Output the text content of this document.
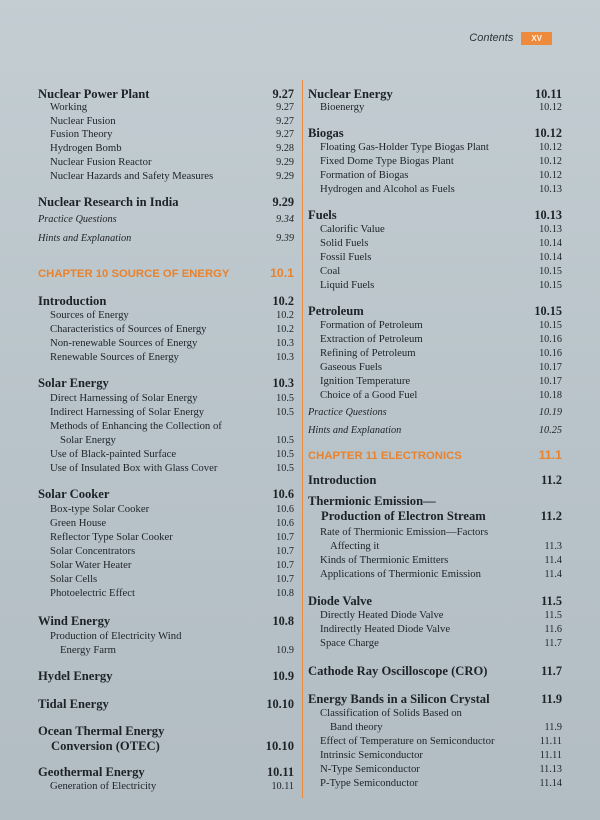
Contents	XV
Nuclear Power Plant	9.27
Working	9.27
Nuclear Fusion	9.27
Fusion Theory	9.27
Hydrogen Bomb	9.28
Nuclear Fusion Reactor	9.29
Nuclear Hazards and Safety Measures	9.29
Nuclear Research in India	9.29
Practice Questions	9.34
Hints and Explanation	9.39
CHAPTER 10 SOURCE OF ENERGY	10.1
Introduction	10.2
Sources of Energy	10.2
Characteristics of Sources of Energy	10.2
Non-renewable Sources of Energy	10.3
Renewable Sources of Energy	10.3
Solar Energy	10.3
Direct Harnessing of Solar Energy	10.5
Indirect Harnessing of Solar Energy	10.5
Methods of Enhancing the Collection of
Solar Energy	10.5
Use of Black-painted Surface	10.5
Use of Insulated Box with Glass Cover	10.5
Solar Cooker	10.6
Box-type Solar Cooker	10.6
Green House	10.6
Reflector Type Solar Cooker	10.7
Solar Concentrators	10.7
Solar Water Heater	10.7
Solar Cells	10.7
Photoelectric Effect	10.8
Wind Energy	10.8
Production of Electricity Wind
Energy Farm	10.9
Hydel Energy	10.9
Tidal Energy	10.10
Ocean Thermal Energy
Conversion (OTEC)	10.10
Geothermal Energy	10.11
Generation of Electricity	10.11
Nuclear Energy	10.11
Bioenergy	10.12
Biogas	10.12
Floating Gas-Holder Type Biogas Plant	10.12
Fixed Dome Type Biogas Plant	10.12
Formation of Biogas	10.12
Hydrogen and Alcohol as Fuels	10.13
Fuels	10.13
Calorific Value	10.13
Solid Fuels	10.14
Fossil Fuels	10.14
Coal	10.15
Liquid Fuels	10.15
Petroleum	10.15
Formation of Petroleum	10.15
Extraction of Petroleum	10.16
Refining of Petroleum	10.16
Gaseous Fuels	10.17
Ignition Temperature	10.17
Choice of a Good Fuel	10.18
Practice Questions	10.19
Hints and Explanation	10.25
CHAPTER 11 ELECTRONICS	11.1
Introduction	11.2
Thermionic Emission—
Production of Electron Stream	11.2
Rate of Thermionic Emission—Factors
Affecting it	11.3
Kinds of Thermionic Emitters	11.4
Applications of Thermionic Emission	11.4
Diode Valve	11.5
Directly Heated Diode Valve	11.5
Indirectly Heated Diode Valve	11.6
Space Charge	11.7
Cathode Ray Oscilloscope (CRO)	11.7
Energy Bands in a Silicon Crystal	11.9
Classification of Solids Based on
Band theory	11.9
Effect of Temperature on Semiconductor	11.11
Intrinsic Semiconductor	11.11
N-Type Semiconductor	11.13
P-Type Semiconductor	11.14
